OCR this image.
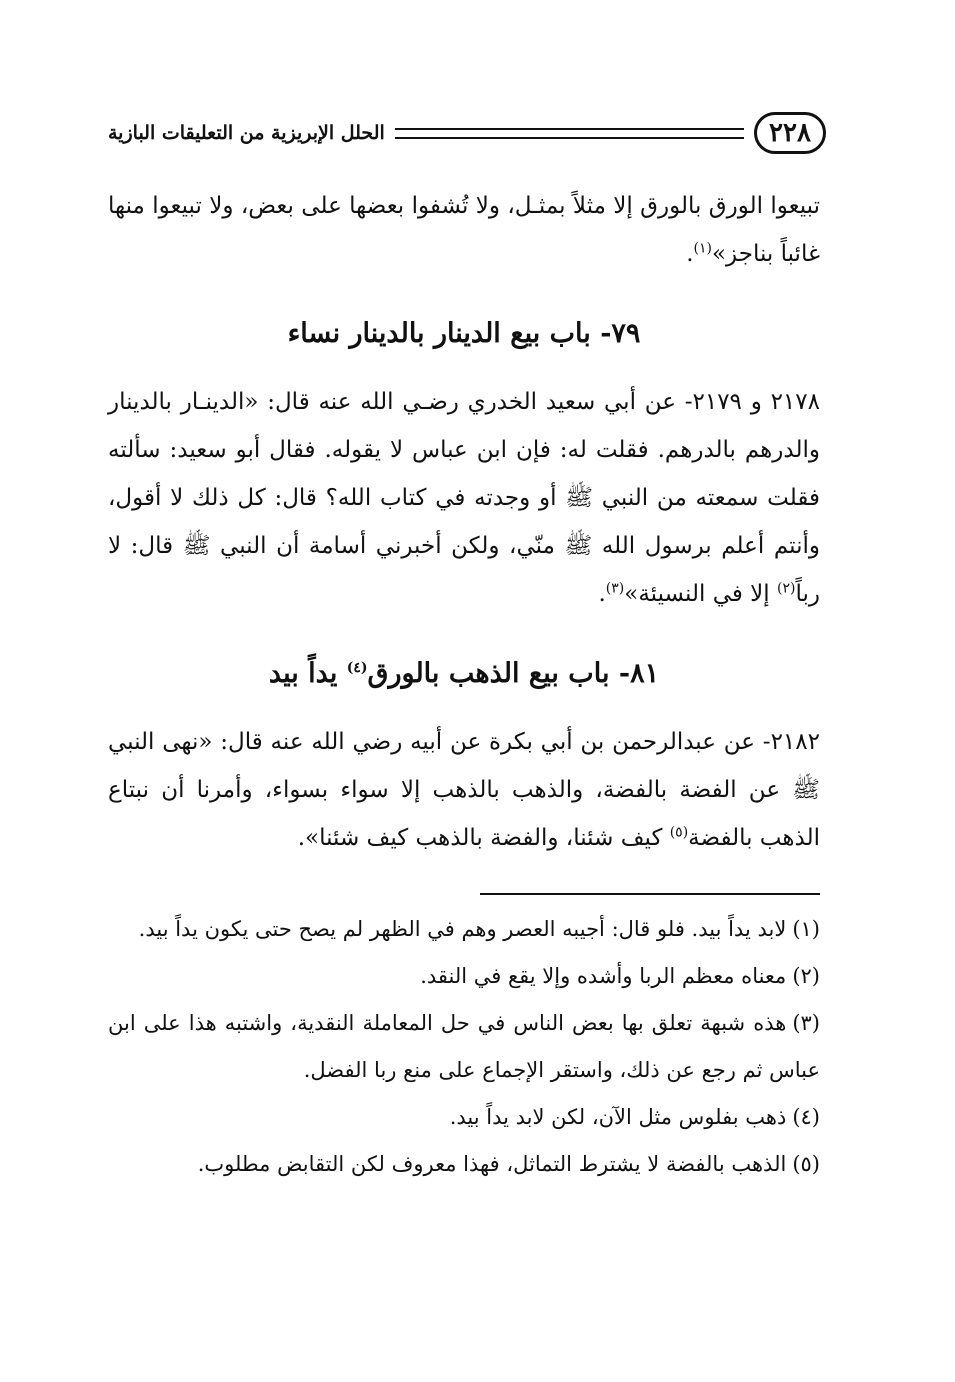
٢٢٨
الحلل الإبريزية من التعليقات البازية

تبيعوا الورق بالورق إلا مثلاً بمثـل، ولا تُشفوا بعضها على بعض، ولا تبيعوا منها غائباً بناجز»$^{(١)}$.

٧٩- باب بيع الدينار بالدينار نساء

٢١٧٨ و ٢١٧٩- عن أبي سعيد الخدري رضـي الله عنه قال: «الدينـار بالدينار والدرهم بالدرهم. فقلت له: فإن ابن عباس لا يقوله. فقال أبو سعيد: سألته فقلت سمعته من النبي ﷺ أو وجدته في كتاب الله؟ قال: كل ذلك لا أقول، وأنتم أعلم برسول الله ﷺ منّي، ولكن أخبرني أسامة أن النبي ﷺ قال: لا رباً$^{(٢)}$ إلا في النسيئة»$^{(٣)}$.

٨١- باب بيع الذهب بالورق$^{(٤)}$ يداً بيد

٢١٨٢- عن عبدالرحمن بن أبي بكرة عن أبيه رضي الله عنه قال: «نهى النبي ﷺ عن الفضة بالفضة، والذهب بالذهب إلا سواء بسواء، وأمرنا أن نبتاع الذهب بالفضة$^{(٥)}$ كيف شئنا، والفضة بالذهب كيف شئنا».

(١)لابد يداً بيد. فلو قال: أجيبه العصر وهم في الظهر لم يصح حتى يكون يداً بيد.

(٢)معناه معظم الربا وأشده وإلا يقع في النقد.

(٣)هذه شبهة تعلق بها بعض الناس في حل المعاملة النقدية، واشتبه هذا على ابن عباس ثم رجع عن ذلك، واستقر الإجماع على منع ربا الفضل.

(٤)ذهب بفلوس مثل الآن، لكن لابد يداً بيد.

(٥)الذهب بالفضة لا يشترط التماثل، فهذا معروف لكن التقابض مطلوب.
